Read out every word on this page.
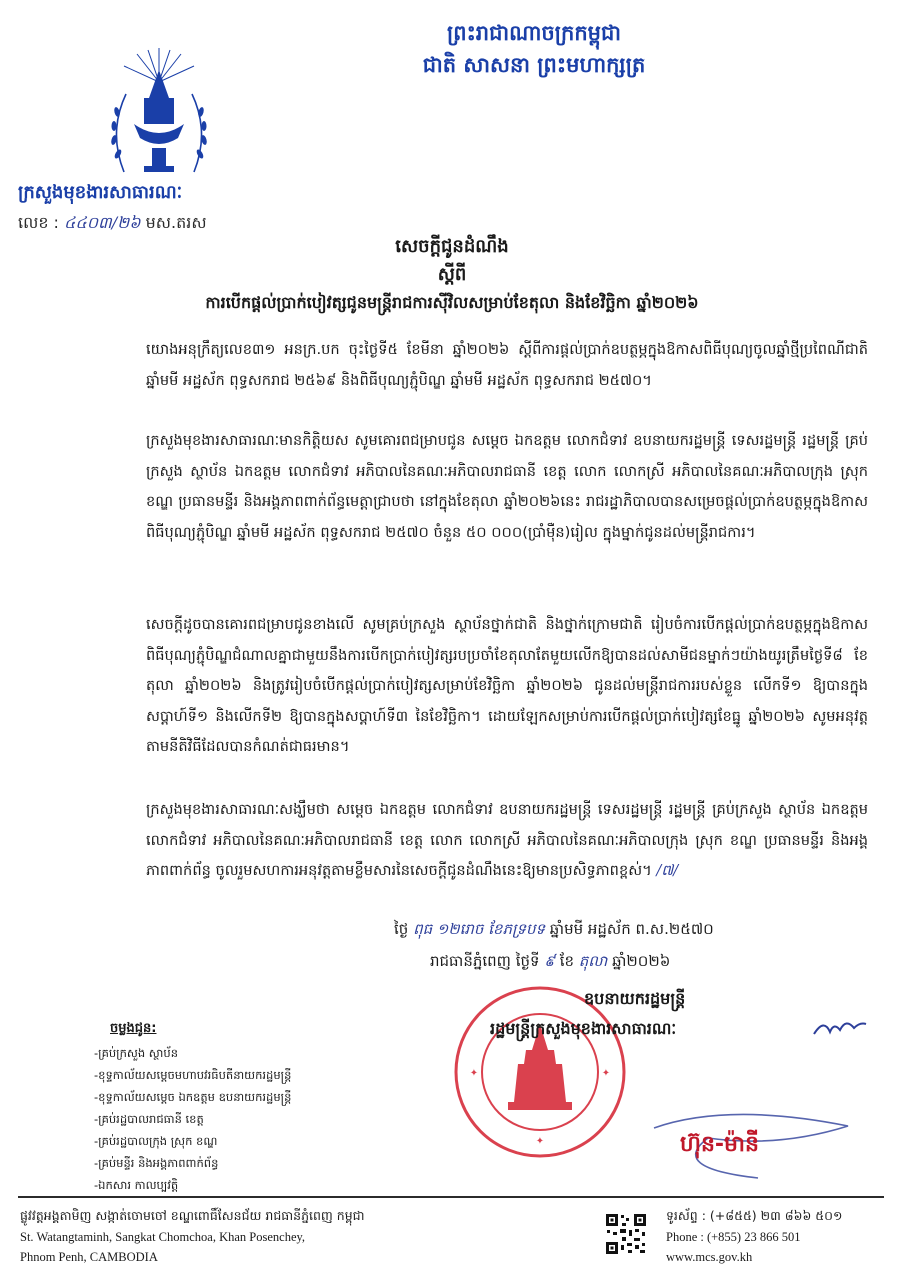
ព្រះរាជាណាចក្រកម្ពុជា
ជាតិ សាសនា ព្រះមហាក្សត្រ
ក្រសួងមុខងារសាធារណៈ
លេខ : ៤៤០៣/២៦ មស.តរស
សេចក្តីជូនដំណឹង
ស្តីពី
ការបើកផ្តល់ប្រាក់បៀវត្សជូនមន្ត្រីរាជការស៊ីវិលសម្រាប់ខែតុលា និងខែវិច្ឆិកា ឆ្នាំ២០២៦
យោងអនុក្រឹត្យលេខ៣១ អនក្រ.បក ចុះថ្ងៃទី៥ ខែមីនា ឆ្នាំ២០២៦ ស្តីពីការផ្តល់ប្រាក់ឧបត្ថម្ភក្នុងឱកាសពិធីបុណ្យចូលឆ្នាំថ្មីប្រពៃណីជាតិ ឆ្នាំមមី អដ្ឋស័ក ពុទ្ធសករាជ ២៥៦៩ និងពិធីបុណ្យភ្ជុំបិណ្ឌ ឆ្នាំមមី អដ្ឋស័ក ពុទ្ធសករាជ ២៥៧០។
ក្រសួងមុខងារសាធារណៈមានកិត្តិយស សូមគោរពជម្រាបជូន សម្តេច ឯកឧត្តម លោកជំទាវ ឧបនាយករដ្ឋមន្ត្រី ទេសរដ្ឋមន្ត្រី រដ្ឋមន្ត្រី គ្រប់ក្រសួង ស្ថាប័ន ឯកឧត្តម លោកជំទាវ អភិបាលនៃគណៈអភិបាលរាជធានី ខេត្ត លោក លោកស្រី អភិបាលនៃគណៈអភិបាលក្រុង ស្រុក ខណ្ឌ ប្រធានមន្ទីរ និងអង្គភាពពាក់ព័ន្ធមេត្តាជ្រាបថា នៅក្នុងខែតុលា ឆ្នាំ២០២៦នេះ រាជរដ្ឋាភិបាលបានសម្រេចផ្តល់ប្រាក់ឧបត្ថម្ភក្នុងឱកាសពិធីបុណ្យភ្ជុំបិណ្ឌ ឆ្នាំមមី អដ្ឋស័ក ពុទ្ធសករាជ ២៥៧០ ចំនួន ៥០ ០០០(ប្រាំម៉ឺន)រៀល ក្នុងម្នាក់ជូនដល់មន្ត្រីរាជការ។
សេចក្តីដូចបានគោរពជម្រាបជូនខាងលើ សូមគ្រប់ក្រសួង ស្ថាប័នថ្នាក់ជាតិ និងថ្នាក់ក្រោមជាតិ រៀបចំការបើកផ្តល់ប្រាក់ឧបត្ថម្ភក្នុងឱកាសពិធីបុណ្យភ្ជុំបិណ្ឌជំណាលគ្នាជាមួយនឹងការបើកប្រាក់បៀវត្សរបប្រចាំខែតុលាតែមួយលើកឱ្យបានដល់សាមីជនម្នាក់ៗយ៉ាងយូរត្រឹមថ្ងៃទី៨ ខែតុលា ឆ្នាំ២០២៦ និងត្រូវរៀបចំបើកផ្តល់ប្រាក់បៀវត្សសម្រាប់ខែវិច្ឆិកា ឆ្នាំ២០២៦ ជូនដល់មន្ត្រីរាជការរបស់ខ្លួន លើកទី១ ឱ្យបានក្នុងសប្តាហ៍ទី១ និងលើកទី២ ឱ្យបានក្នុងសប្តាហ៍ទី៣ នៃខែវិច្ឆិកា។ ដោយឡែកសម្រាប់ការបើកផ្តល់ប្រាក់បៀវត្សខែធ្នូ ឆ្នាំ២០២៦ សូមអនុវត្តតាមនីតិវិធីដែលបានកំណត់ជាធរមាន។
ក្រសួងមុខងារសាធារណៈសង្ឃឹមថា សម្តេច ឯកឧត្តម លោកជំទាវ ឧបនាយករដ្ឋមន្ត្រី ទេសរដ្ឋមន្ត្រី រដ្ឋមន្ត្រី គ្រប់ក្រសួង ស្ថាប័ន ឯកឧត្តម លោកជំទាវ អភិបាលនៃគណៈអភិបាលរាជធានី ខេត្ត លោក លោកស្រី អភិបាលនៃគណៈអភិបាលក្រុង ស្រុក ខណ្ឌ ប្រធានមន្ទីរ និងអង្គភាពពាក់ព័ន្ធ ចូលរួមសហការអនុវត្តតាមខ្លឹមសារនៃសេចក្តីជូនដំណឹងនេះឱ្យមានប្រសិទ្ធភាពខ្ពស់។ /៧/
ថ្ងៃ ពុធ ១២រោច ខែភទ្របទ ឆ្នាំមមី អដ្ឋស័ក ព.ស.២៥៧០
រាជធានីភ្នំពេញ ថ្ងៃទី ៩ ខែ តុលា ឆ្នាំ២០២៦
✦
✦	✦
ឧបនាយករដ្ឋមន្ត្រី
រដ្ឋមន្ត្រីក្រសួងមុខងារសាធារណៈ
ហ៊ុន-ម៉ានី
ចម្លងជូន:
-គ្រប់ក្រសួង ស្ថាប័ន
-ខុទ្ទកាល័យសម្តេចមហាបវរធិបតីនាយករដ្ឋមន្ត្រី
-ខុទ្ទកាល័យសម្តេច ឯកឧត្តម ឧបនាយករដ្ឋមន្ត្រី
-គ្រប់រដ្ឋបាលរាជធានី ខេត្ត
-គ្រប់រដ្ឋបាលក្រុង ស្រុក ខណ្ឌ
-គ្រប់មន្ទីរ និងអង្គភាពពាក់ព័ន្ធ
-ឯកសារ កាលប្បវត្តិ
ផ្លូវវត្តអង្គតាមិញ សង្កាត់ចោមចៅ ខណ្ឌពោធិ៍សែនជ័យ រាជធានីភ្នំពេញ កម្ពុជា
St. Watangtaminh, Sangkat Chomchoa, Khan Posenchey,
Phnom Penh, CAMBODIA
ទូរស័ព្ទ : (+៨៥៥) ២៣ ៨៦៦ ៥០១
Phone : (+855) 23 866 501
www.mcs.gov.kh
